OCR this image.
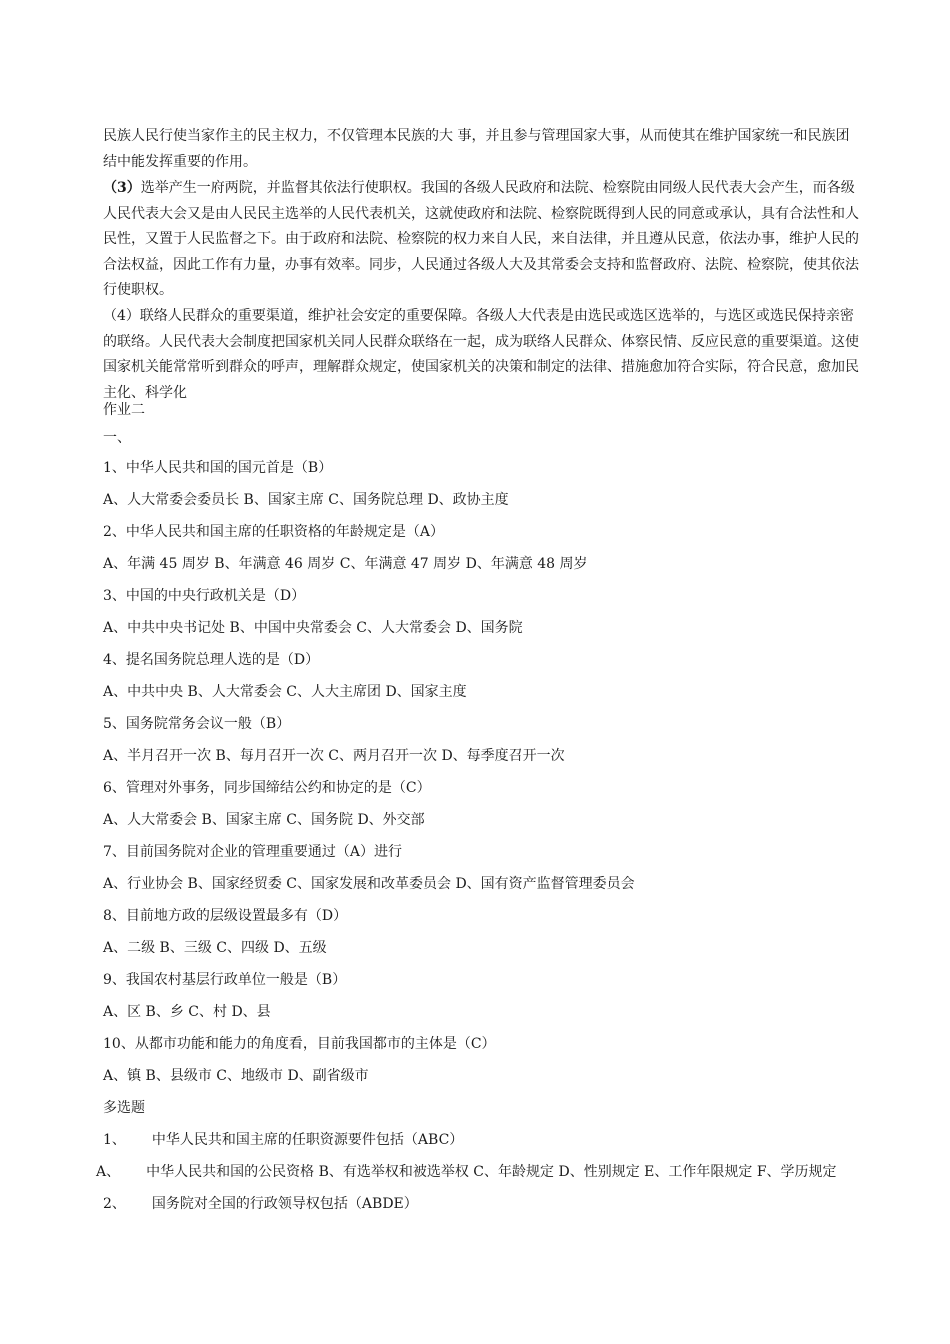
民族人民行使当家作主的民主权力，不仅管理本民族的大 事，并且参与管理国家大事，从而使其在维护国家统一和民族团结中能发挥重要的作用。
（3）选举产生一府两院，并监督其依法行使职权。我国的各级人民政府和法院、检察院由同级人民代表大会产生，而各级人民代表大会又是由人民民主选举的人民代表机关，这就使政府和法院、检察院既得到人民的同意或承认，具有合法性和人民性，又置于人民监督之下。由于政府和法院、检察院的权力来自人民，来自法律，并且遵从民意，依法办事，维护人民的合法权益，因此工作有力量，办事有效率。同步，人民通过各级人大及其常委会支持和监督政府、法院、检察院，使其依法行使职权。
（4）联络人民群众的重要渠道，维护社会安定的重要保障。各级人大代表是由选民或选区选举的，与选区或选民保持亲密的联络。人民代表大会制度把国家机关同人民群众联络在一起，成为联络人民群众、体察民情、反应民意的重要渠道。这使国家机关能常常听到群众的呼声，理解群众规定，使国家机关的决策和制定的法律、措施愈加符合实际，符合民意，愈加民主化、科学化
作业二
一、
1、中华人民共和国的国元首是（B）
A、人大常委会委员长 B、国家主席 C、国务院总理 D、政协主度
2、中华人民共和国主席的任职资格的年龄规定是（A）
A、年满 45 周岁 B、年满意 46 周岁 C、年满意 47 周岁 D、年满意 48 周岁
3、中国的中央行政机关是（D）
A、中共中央书记处 B、中国中央常委会 C、人大常委会 D、国务院
4、提名国务院总理人选的是（D）
A、中共中央 B、人大常委会 C、人大主席团 D、国家主度
5、国务院常务会议一般（B）
A、半月召开一次 B、每月召开一次 C、两月召开一次 D、每季度召开一次
6、管理对外事务，同步国缔结公约和协定的是（C）
A、人大常委会 B、国家主席 C、国务院 D、外交部
7、目前国务院对企业的管理重要通过（A）进行
A、行业协会 B、国家经贸委 C、国家发展和改革委员会 D、国有资产监督管理委员会
8、目前地方政的层级设置最多有（D）
A、二级 B、三级 C、四级 D、五级
9、我国农村基层行政单位一般是（B）
A、区 B、乡 C、村 D、县
10、从都市功能和能力的角度看，目前我国都市的主体是（C）
A、镇 B、县级市 C、地级市 D、副省级市
多选题
1、 中华人民共和国主席的任职资源要件包括（ABC）
A、 中华人民共和国的公民资格 B、有选举权和被选举权 C、年龄规定 D、性别规定 E、工作年限规定 F、学历规定
2、 国务院对全国的行政领导权包括（ABDE）
